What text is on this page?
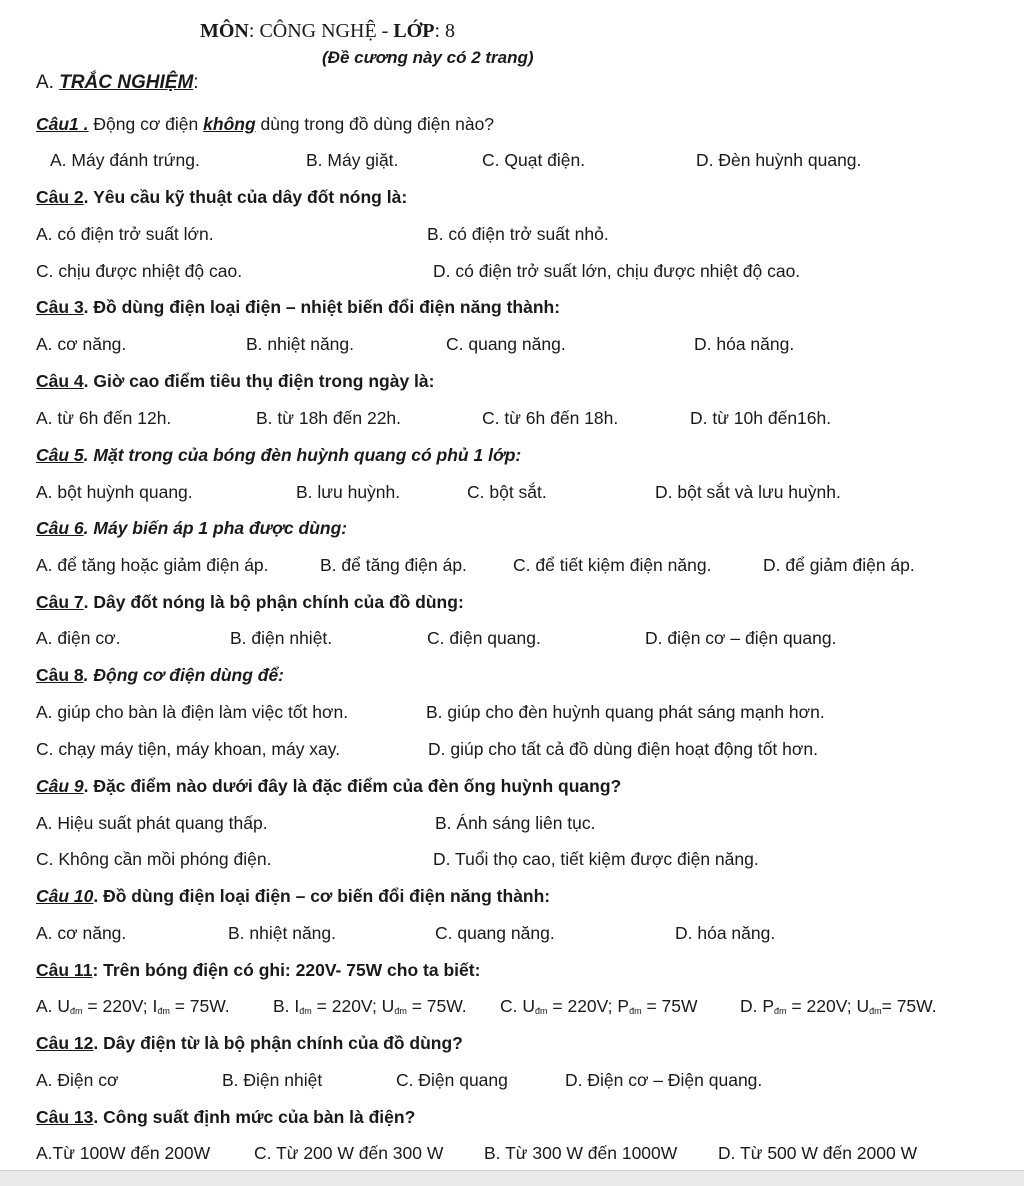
MÔN: CÔNG NGHỆ - LỚP: 8
(Đề cương này có 2 trang)
A. TRẮC NGHIỆM:
Câu1 . Động cơ điện không dùng trong đồ dùng điện nào?
A. Máy đánh trứng.	B. Máy giặt.	C. Quạt điện.	D. Đèn huỳnh quang.
Câu 2. Yêu cầu kỹ thuật của dây đốt nóng là:
A. có điện trở suất lớn.	B. có điện trở suất nhỏ.
C. chịu được nhiệt độ cao.	D. có điện trở suất lớn, chịu được nhiệt độ cao.
Câu 3. Đồ dùng điện loại điện – nhiệt biến đổi điện năng thành:
A. cơ năng.	B. nhiệt năng.	C. quang năng.	D. hóa năng.
Câu 4. Giờ cao điểm tiêu thụ điện trong ngày là:
A. từ 6h đến 12h.	B. từ 18h đến 22h.	C. từ 6h đến 18h.	D. từ 10h đến16h.
Câu 5. Mặt trong của bóng đèn huỳnh quang có phủ 1 lớp:
A. bột huỳnh quang.	B. lưu huỳnh.	C. bột sắt.	D. bột sắt và lưu huỳnh.
Câu 6. Máy biến áp 1 pha được dùng:
A. để tăng hoặc giảm điện áp.	B. để tăng điện áp.	C. để tiết kiệm điện năng.	D. để giảm điện áp.
Câu 7. Dây đốt nóng là bộ phận chính của đồ dùng:
A. điện cơ.	B. điện nhiệt.	C. điện quang.	D. điện cơ – điện quang.
Câu 8. Động cơ điện dùng để:
A. giúp cho bàn là điện làm việc tốt hơn.	B. giúp cho đèn huỳnh quang phát sáng mạnh hơn.
C. chạy máy tiện, máy khoan, máy xay.	D. giúp cho tất cả đồ dùng điện hoạt động tốt hơn.
Câu 9. Đặc điểm nào dưới đây là đặc điểm của đèn ống huỳnh quang?
A. Hiệu suất phát quang thấp.	B. Ánh sáng liên tục.
C. Không cần mồi phóng điện.	D. Tuổi thọ cao, tiết kiệm được điện năng.
Câu 10. Đồ dùng điện loại điện – cơ biến đổi điện năng thành:
A. cơ năng.	B. nhiệt năng.	C. quang năng.	D. hóa năng.
Câu 11: Trên bóng điện có ghi: 220V- 75W cho ta biết:
A. $U_{đm} = 220V$; $I_{đm} = 75W$. B. $I_{đm} = 220V$; $U_{đm} = 75W$. C. $U_{đm} = 220V$; $P_{đm} = 75W$ D. $P_{đm} = 220V$; $U_{đm}= 75W$.
Câu 12. Dây điện từ là bộ phận chính của đồ dùng?
A. Điện cơ	B. Điện nhiệt	C. Điện quang	D. Điện cơ – Điện quang.
Câu 13. Công suất định mức của bàn là điện?
A.Từ 100W đến 200W	C. Từ 200 W đến 300 W B. Từ 300 W đến 1000W D. Từ 500 W đến 2000 W
